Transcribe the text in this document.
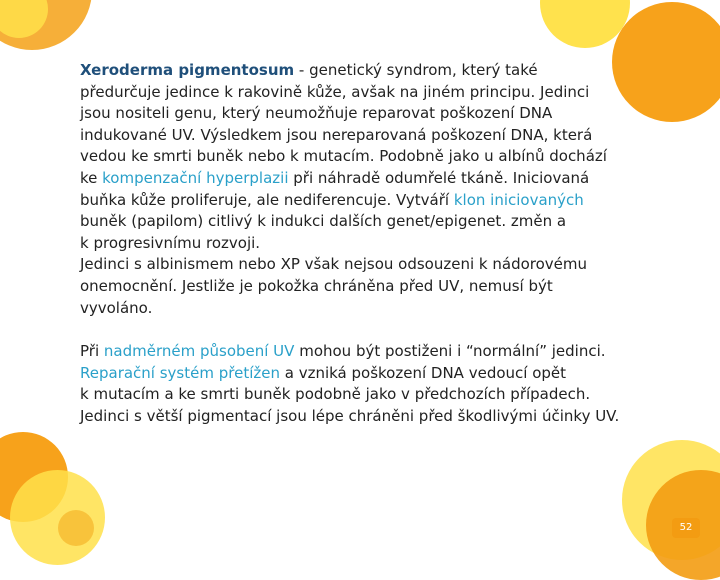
Xeroderma pigmentosum - genetický syndrom, který také

předurčuje jedince k rakovině kůže, avšak na jiném principu. Jedinci

jsou nositeli genu, který neumožňuje reparovat poškození DNA

indukované UV. Výsledkem jsou nereparovaná poškození DNA, která

vedou ke smrti buněk nebo k mutacím. Podobně jako u albínů dochází

ke kompenzační hyperplazii při náhradě odumřelé tkáně. Iniciovaná

buňka kůže proliferuje, ale nediferencuje. Vytváří klon iniciovaných

buněk (papilom) citlivý k indukci dalších genet/epigenet. změn a

k progresivnímu rozvoji.

Jedinci s albinismem nebo XP však nejsou odsouzeni k nádorovému

onemocnění. Jestliže je pokožka chráněna před UV, nemusí být

vyvoláno.

Při nadměrném působení UV mohou být postiženi i “normální” jedinci.

Reparační systém přetížen a vzniká poškození DNA vedoucí opět

k mutacím a ke smrti buněk podobně jako v předchozích případech.

Jedinci s větší pigmentací jsou lépe chráněni před škodlivými účinky UV.

52
